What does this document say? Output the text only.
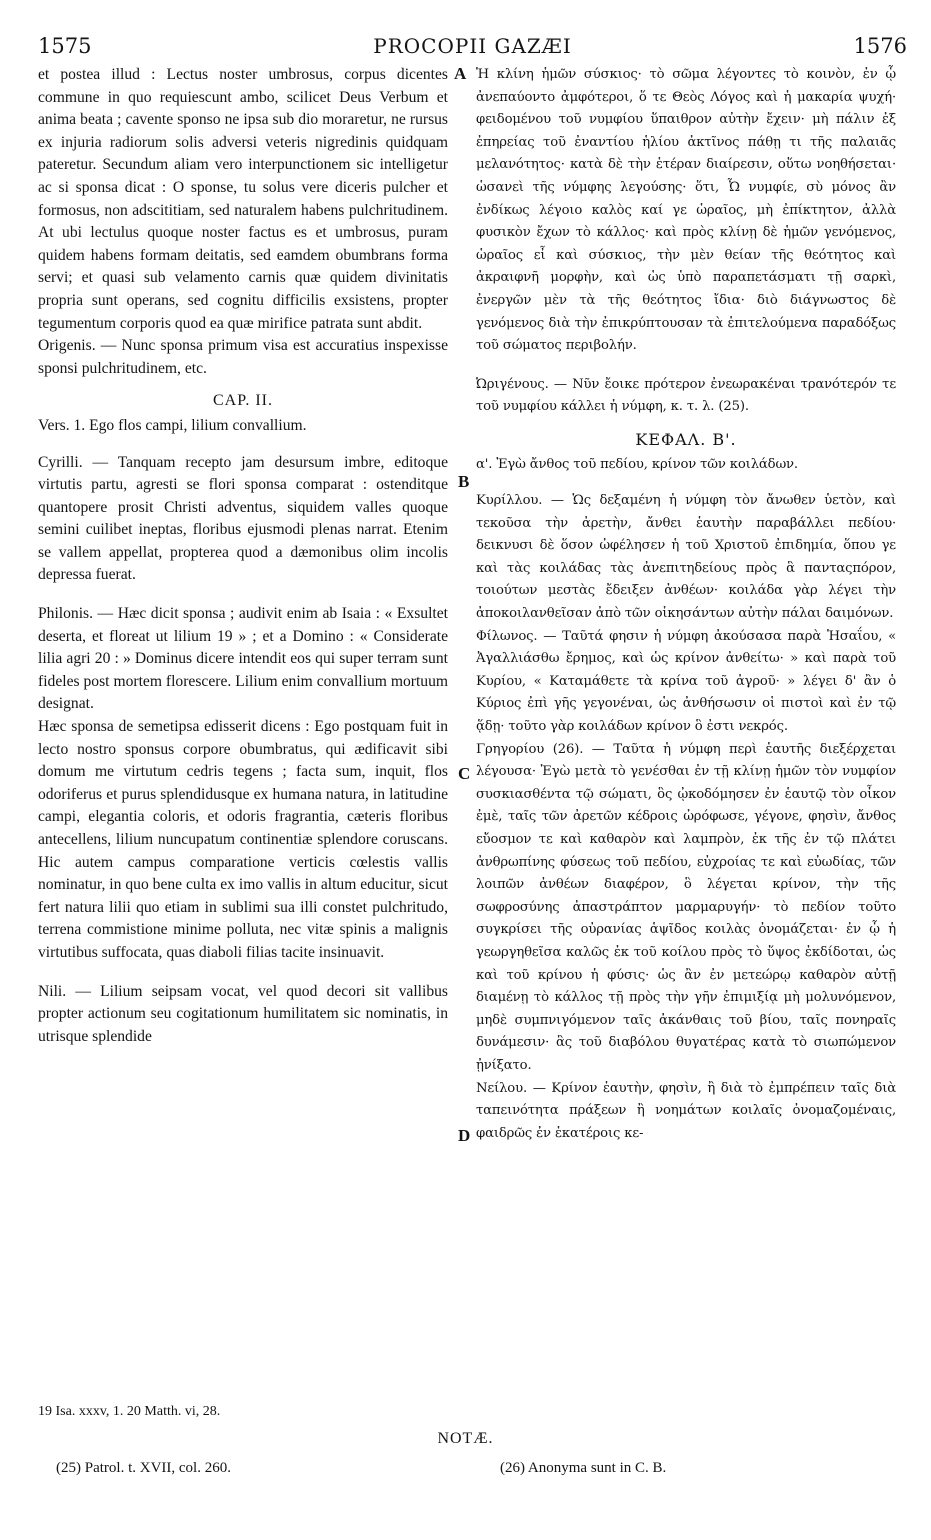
1575	PROCOPII GAZÆI	1576

et postea illud : Lectus noster umbrosus, corpus dicentes commune in quo requiescunt ambo, scilicet Deus Verbum et anima beata ; cavente sponso ne ipsa sub dio moraretur, ne rursus ex injuria radiorum solis adversi veteris nigredinis quidquam pateretur. Secundum aliam vero interpunctionem sic intelligetur ac si sponsa dicat : O sponse, tu solus vere diceris pulcher et formosus, non adscititiam, sed naturalem habens pulchritudinem. At ubi lectulus quoque noster factus es et umbrosus, puram quidem habens formam deitatis, sed eamdem obumbrans forma servi; et quasi sub velamento carnis quæ quidem divinitatis propria sunt operans, sed cognitu difficilis exsistens, propter tegumentum corporis quod ea quæ mirifice patrata sunt abdit.

Origenis. — Nunc sponsa primum visa est accuratius inspexisse sponsi pulchritudinem, etc.

CAP. II.

Vers. 1. Ego flos campi, lilium convallium.

Cyrilli. — Tanquam recepto jam desursum imbre, editoque virtutis partu, agresti se flori sponsa comparat : ostenditque quantopere prosit Christi adventus, siquidem valles quoque semini cuilibet ineptas, floribus ejusmodi plenas narrat. Etenim se vallem appellat, propterea quod a dæmonibus olim incolis depressa fuerat.

Philonis. — Hæc dicit sponsa ; audivit enim ab Isaia : « Exsultet deserta, et floreat ut lilium 19 » ; et a Domino : « Considerate lilia agri 20 : » Dominus dicere intendit eos qui super terram sunt fideles post mortem florescere. Lilium enim convallium mortuum designat.

Hæc sponsa de semetipsa edisserit dicens : Ego postquam fuit in lecto nostro sponsus corpore obumbratus, qui ædificavit sibi domum me virtutum cedris tegens ; facta sum, inquit, flos odoriferus et purus splendidusque ex humana natura, in latitudine campi, elegantia coloris, et odoris fragrantia, cæteris floribus antecellens, lilium nuncupatum continentiæ splendore coruscans. Hic autem campus comparatione verticis cœlestis vallis nominatur, in quo bene culta ex imo vallis in altum educitur, sicut fert natura lilii quo etiam in sublimi sua illi constet pulchritudo, terrena commistione minime polluta, nec vitæ spinis a malignis virtutibus suffocata, quas diaboli filias tacite insinuavit.

Nili. — Lilium seipsam vocat, vel quod decori sit vallibus propter actionum seu cogitationum humilitatem sic nominatis, in utrisque splendide

Ἡ κλίνη ἡμῶν σύσκιος· τὸ σῶμα λέγοντες τὸ κοινὸν, ἐν ᾧ ἀνεπαύοντο ἀμφότεροι, ὅ τε Θεὸς Λόγος καὶ ἡ μακαρία ψυχή· φειδομένου τοῦ νυμφίου ὕπαιθρον αὐτὴν ἔχειν· μὴ πάλιν ἐξ ἐπηρείας τοῦ ἐναντίου ἡλίου ἀκτῖνος πάθῃ τι τῆς παλαιᾶς μελανότητος· κατὰ δὲ τὴν ἑτέραν διαίρεσιν, οὕτω νοηθήσεται· ὡσανεὶ τῆς νύμφης λεγούσης· ὅτι, Ὦ νυμφίε, σὺ μόνος ἂν ἐνδίκως λέγοιο καλὸς καί γε ὡραῖος, μὴ ἐπίκτητον, ἀλλὰ φυσικὸν ἔχων τὸ κάλλος· καὶ πρὸς κλίνῃ δὲ ἡμῶν γενόμενος, ὡραῖος εἶ καὶ σύσκιος, τὴν μὲν θείαν τῆς θεότητος καὶ ἀκραιφνῆ μορφὴν, καὶ ὡς ὑπὸ παραπετάσματι τῇ σαρκὶ, ἐνεργῶν μὲν τὰ τῆς θεότητος ἴδια· διὸ διάγνωστος δὲ γενόμενος διὰ τὴν ἐπικρύπτουσαν τὰ ἐπιτελούμενα παραδόξως τοῦ σώματος περιβολήν.

Ὠριγένους. — Νῦν ἔοικε πρότερον ἐνεωρακέναι τρανότερόν τε τοῦ νυμφίου κάλλει ἡ νύμφη, κ. τ. λ. (25).

ΚΕΦΑΛ. Β'.

α'. Ἐγὼ ἄνθος τοῦ πεδίου, κρίνον τῶν κοιλάδων.

Κυρίλλου. — Ὡς δεξαμένη ἡ νύμφη τὸν ἄνωθεν ὑετὸν, καὶ τεκοῦσα τὴν ἀρετὴν, ἄνθει ἑαυτὴν παραβάλλει πεδίου· δεικνυσι δὲ ὅσον ὠφέλησεν ἡ τοῦ Χριστοῦ ἐπιδημία, ὅπου γε καὶ τὰς κοιλάδας τὰς ἀνεπιτηδείους πρὸς ἃ πανταςπόρον, τοιούτων μεστὰς ἔδειξεν ἀνθέων· κοιλάδα γὰρ λέγει τὴν ἀποκοιλανθεῖσαν ἀπὸ τῶν οἰκησάντων αὐτὴν πάλαι δαιμόνων.

Φίλωνος. — Ταῦτά φησιν ἡ νύμφη ἀκούσασα παρὰ Ἡσαΐου, « Ἀγαλλιάσθω ἔρημος, καὶ ὡς κρίνον ἀνθείτω· » καὶ παρὰ τοῦ Κυρίου, « Καταμάθετε τὰ κρίνα τοῦ ἀγροῦ· » λέγει δ' ἂν ὁ Κύριος ἐπὶ γῆς γεγονέναι, ὡς ἀνθήσωσιν οἱ πιστοὶ καὶ ἐν τῷ ᾅδῃ· τοῦτο γὰρ κοιλάδων κρίνον ὃ ἐστι νεκρός.

Γρηγορίου (26). — Ταῦτα ἡ νύμφη περὶ ἑαυτῆς διεξέρχεται λέγουσα· Ἐγὼ μετὰ τὸ γενέσθαι ἐν τῇ κλίνῃ ἡμῶν τὸν νυμφίον συσκιασθέντα τῷ σώματι, ὃς ᾠκοδόμησεν ἐν ἑαυτῷ τὸν οἶκον ἐμὲ, ταῖς τῶν ἀρετῶν κέδροις ὠρόφωσε, γέγονε, φησὶν, ἄνθος εὔοσμον τε καὶ καθαρὸν καὶ λαμπρὸν, ἐκ τῆς ἐν τῷ πλάτει ἀνθρωπίνης φύσεως τοῦ πεδίου, εὐχροίας τε καὶ εὐωδίας, τῶν λοιπῶν ἀνθέων διαφέρον, ὃ λέγεται κρίνον, τὴν τῆς σωφροσύνης ἀπαστράπτον μαρμαρυγήν· τὸ πεδίον τοῦτο συγκρίσει τῆς οὐρανίας ἁψῖδος κοιλὰς ὀνομάζεται· ἐν ᾧ ἡ γεωργηθεῖσα καλῶς ἐκ τοῦ κοίλου πρὸς τὸ ὕψος ἐκδίδοται, ὡς καὶ τοῦ κρίνου ἡ φύσις· ὡς ἂν ἐν μετεώρῳ καθαρὸν αὐτῇ διαμένῃ τὸ κάλλος τῇ πρὸς τὴν γῆν ἐπιμιξίᾳ μὴ μολυνόμενον, μηδὲ συμπνιγόμενον ταῖς ἀκάνθαις τοῦ βίου, ταῖς πονηραῖς δυνάμεσιν· ἃς τοῦ διαβόλου θυγατέρας κατὰ τὸ σιωπώμενον ᾐνίξατο.

Νείλου. — Κρίνον ἑαυτὴν, φησὶν, ἢ διὰ τὸ ἐμπρέπειν ταῖς διὰ ταπεινότητα πράξεων ἢ νοημάτων κοιλαῖς ὀνομαζομέναις, φαιδρῶς ἐν ἑκατέροις κε-

A
B
C
D
19 Isa. xxxv, 1. 20 Matth. vi, 28.
NOTÆ.
(25) Patrol. t. XVII, col. 260.	(26) Anonyma sunt in C. B.
